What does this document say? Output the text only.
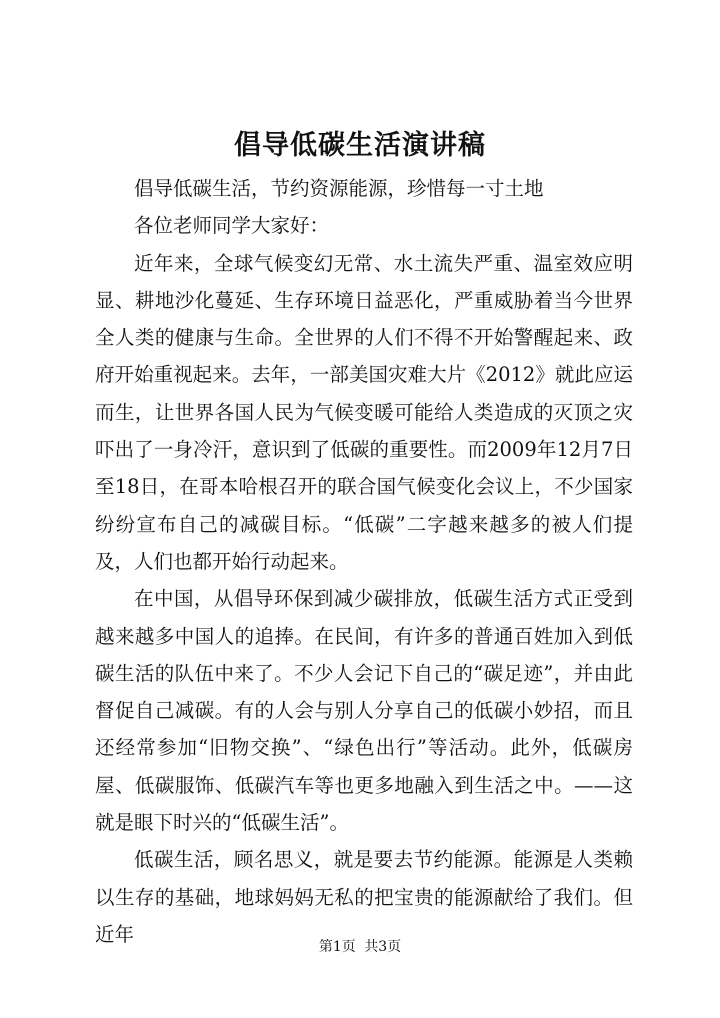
倡导低碳生活演讲稿

倡导低碳生活，节约资源能源，珍惜每一寸土地

各位老师同学大家好：

近年来，全球气候变幻无常、水土流失严重、温室效应明显、耕地沙化蔓延、生存环境日益恶化，严重威胁着当今世界全人类的健康与生命。全世界的人们不得不开始警醒起来、政府开始重视起来。去年，一部美国灾难大片《2012》就此应运而生，让世界各国人民为气候变暖可能给人类造成的灭顶之灾吓出了一身冷汗，意识到了低碳的重要性。而2009年12月7日至18日，在哥本哈根召开的联合国气候变化会议上，不少国家纷纷宣布自己的减碳目标。“低碳”二字越来越多的被人们提及，人们也都开始行动起来。

在中国，从倡导环保到减少碳排放，低碳生活方式正受到越来越多中国人的追捧。在民间，有许多的普通百姓加入到低碳生活的队伍中来了。不少人会记下自己的“碳足迹”，并由此督促自己减碳。有的人会与别人分享自己的低碳小妙招，而且还经常参加“旧物交换”、“绿色出行”等活动。此外，低碳房屋、低碳服饰、低碳汽车等也更多地融入到生活之中。——这就是眼下时兴的“低碳生活”。

低碳生活，顾名思义，就是要去节约能源。能源是人类赖以生存的基础，地球妈妈无私的把宝贵的能源献给了我们。但近年

第1页 共3页
